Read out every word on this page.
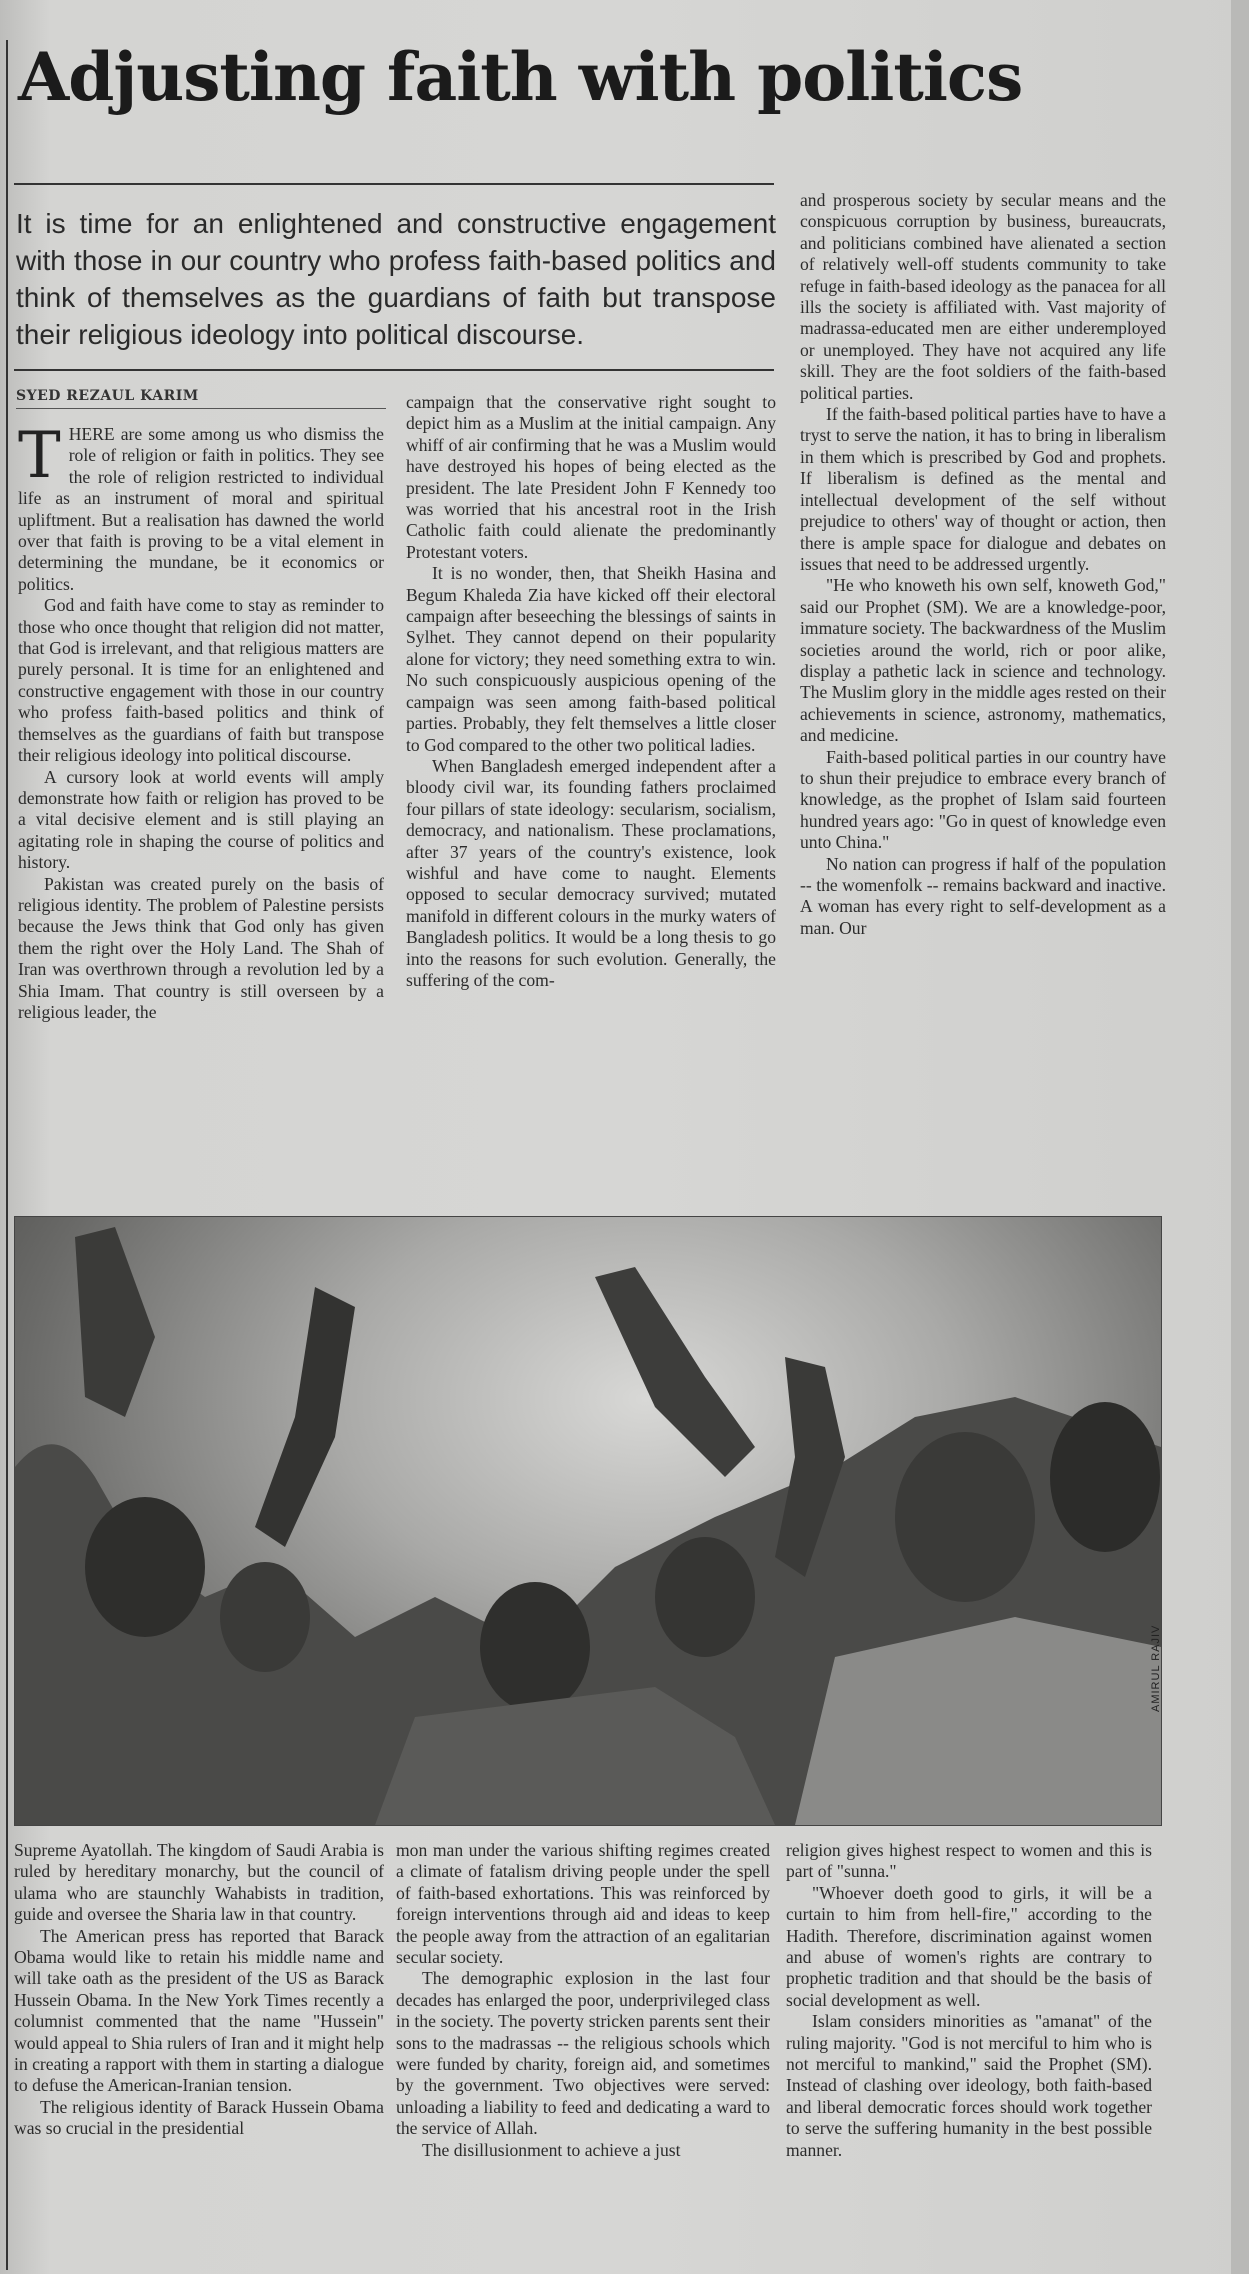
Adjusting faith with politics

It is time for an enlightened and constructive engagement with those in our country who profess faith-based politics and think of themselves as the guardians of faith but transpose their religious ideology into political discourse.

SYED REZAUL KARIM

THERE are some among us who dismiss the role of religion or faith in politics. They see the role of religion restricted to individual life as an instrument of moral and spiritual upliftment. But a realisation has dawned the world over that faith is proving to be a vital element in determining the mundane, be it economics or politics.

God and faith have come to stay as reminder to those who once thought that religion did not matter, that God is irrelevant, and that religious matters are purely personal. It is time for an enlightened and constructive engagement with those in our country who profess faith-based politics and think of themselves as the guardians of faith but transpose their religious ideology into political discourse.

A cursory look at world events will amply demonstrate how faith or religion has proved to be a vital decisive element and is still playing an agitating role in shaping the course of politics and history.

Pakistan was created purely on the basis of religious identity. The problem of Palestine persists because the Jews think that God only has given them the right over the Holy Land. The Shah of Iran was overthrown through a revolution led by a Shia Imam. That country is still overseen by a religious leader, the

campaign that the conservative right sought to depict him as a Muslim at the initial campaign. Any whiff of air confirming that he was a Muslim would have destroyed his hopes of being elected as the president. The late President John F Kennedy too was worried that his ancestral root in the Irish Catholic faith could alienate the predominantly Protestant voters.

It is no wonder, then, that Sheikh Hasina and Begum Khaleda Zia have kicked off their electoral campaign after beseeching the blessings of saints in Sylhet. They cannot depend on their popularity alone for victory; they need something extra to win. No such conspicuously auspicious opening of the campaign was seen among faith-based political parties. Probably, they felt themselves a little closer to God compared to the other two political ladies.

When Bangladesh emerged independent after a bloody civil war, its founding fathers proclaimed four pillars of state ideology: secularism, socialism, democracy, and nationalism. These proclamations, after 37 years of the country's existence, look wishful and have come to naught. Elements opposed to secular democracy survived; mutated manifold in different colours in the murky waters of Bangladesh politics. It would be a long thesis to go into the reasons for such evolution. Generally, the suffering of the com-

and prosperous society by secular means and the conspicuous corruption by business, bureaucrats, and politicians combined have alienated a section of relatively well-off students community to take refuge in faith-based ideology as the panacea for all ills the society is affiliated with. Vast majority of madrassa-educated men are either underemployed or unemployed. They have not acquired any life skill. They are the foot soldiers of the faith-based political parties.

If the faith-based political parties have to have a tryst to serve the nation, it has to bring in liberalism in them which is prescribed by God and prophets. If liberalism is defined as the mental and intellectual development of the self without prejudice to others' way of thought or action, then there is ample space for dialogue and debates on issues that need to be addressed urgently.

"He who knoweth his own self, knoweth God," said our Prophet (SM). We are a knowledge-poor, immature society. The backwardness of the Muslim societies around the world, rich or poor alike, display a pathetic lack in science and technology. The Muslim glory in the middle ages rested on their achievements in science, astronomy, mathematics, and medicine.

Faith-based political parties in our country have to shun their prejudice to embrace every branch of knowledge, as the prophet of Islam said fourteen hundred years ago: "Go in quest of knowledge even unto China."

No nation can progress if half of the population -- the womenfolk -- remains backward and inactive. A woman has every right to self-development as a man. Our

AMIRUL RAJIV

Supreme Ayatollah. The kingdom of Saudi Arabia is ruled by hereditary monarchy, but the council of ulama who are staunchly Wahabists in tradition, guide and oversee the Sharia law in that country.

The American press has reported that Barack Obama would like to retain his middle name and will take oath as the president of the US as Barack Hussein Obama. In the New York Times recently a columnist commented that the name "Hussein" would appeal to Shia rulers of Iran and it might help in creating a rapport with them in starting a dialogue to defuse the American-Iranian tension.

The religious identity of Barack Hussein Obama was so crucial in the presidential

mon man under the various shifting regimes created a climate of fatalism driving people under the spell of faith-based exhortations. This was reinforced by foreign interventions through aid and ideas to keep the people away from the attraction of an egalitarian secular society.

The demographic explosion in the last four decades has enlarged the poor, underprivileged class in the society. The poverty stricken parents sent their sons to the madrassas -- the religious schools which were funded by charity, foreign aid, and sometimes by the government. Two objectives were served: unloading a liability to feed and dedicating a ward to the service of Allah.

The disillusionment to achieve a just

religion gives highest respect to women and this is part of "sunna."

"Whoever doeth good to girls, it will be a curtain to him from hell-fire," according to the Hadith. Therefore, discrimination against women and abuse of women's rights are contrary to prophetic tradition and that should be the basis of social development as well.

Islam considers minorities as "amanat" of the ruling majority. "God is not merciful to him who is not merciful to mankind," said the Prophet (SM). Instead of clashing over ideology, both faith-based and liberal democratic forces should work together to serve the suffering humanity in the best possible manner.
